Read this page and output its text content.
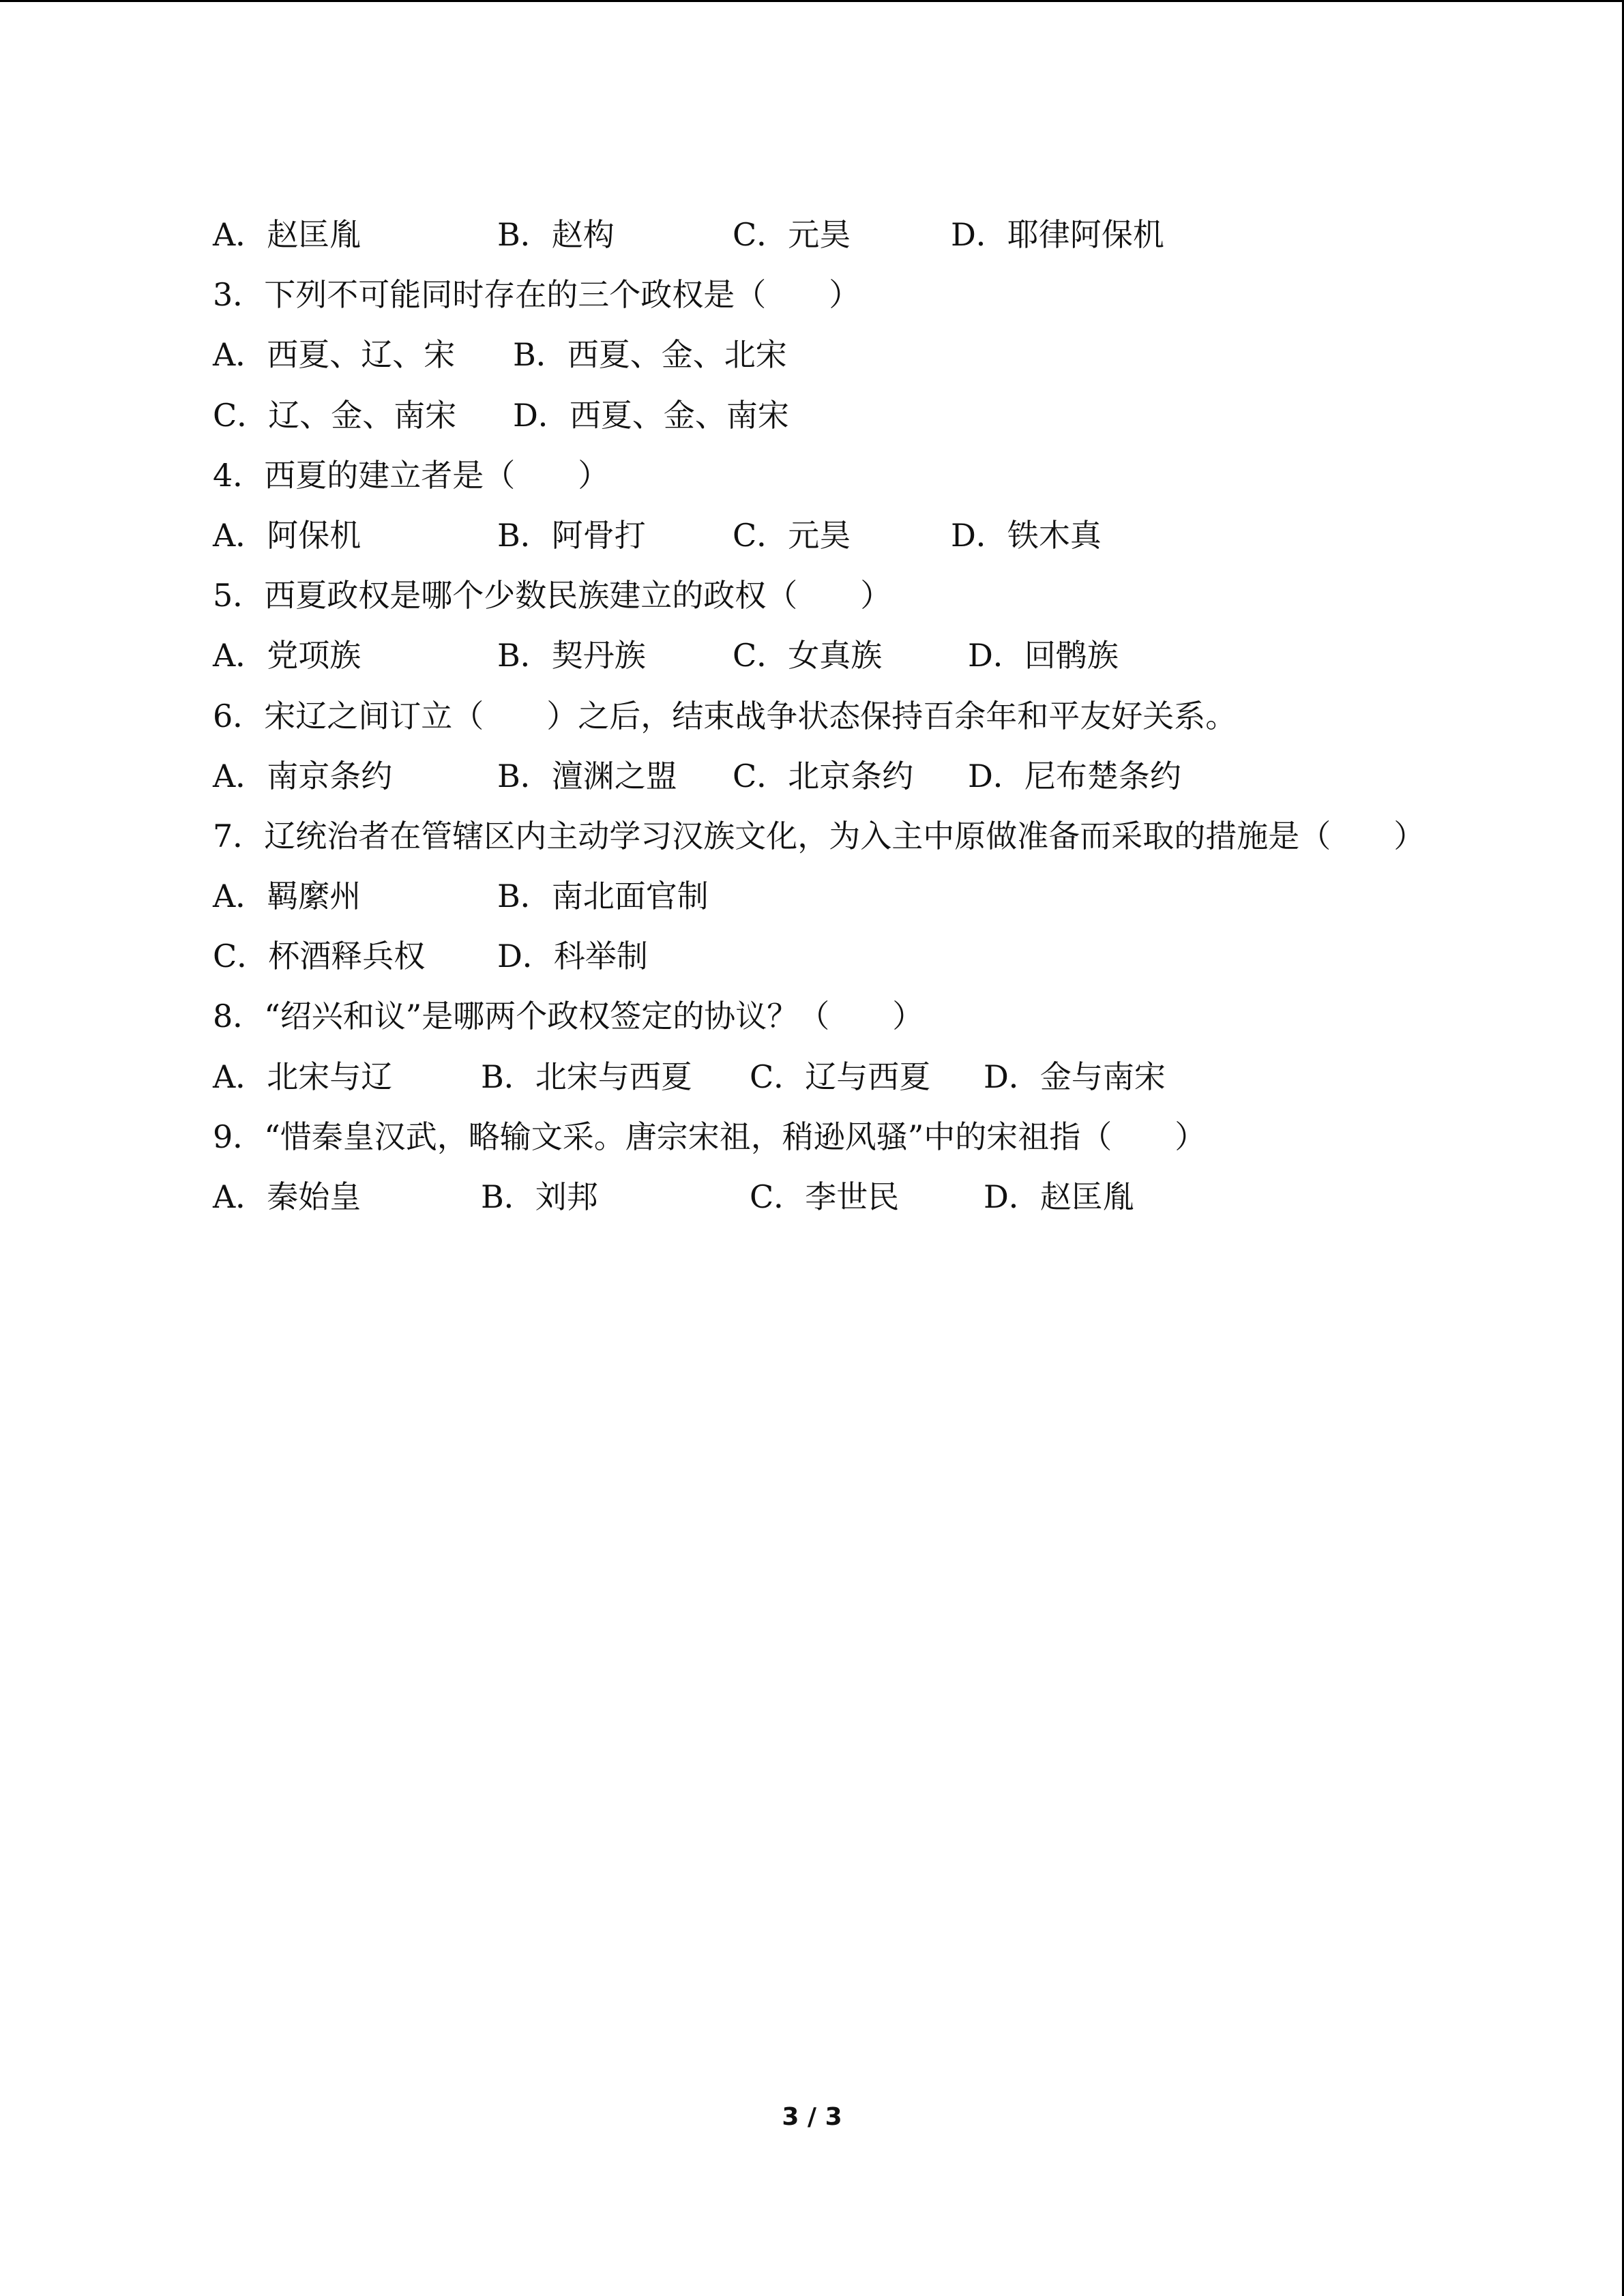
A．赵匡胤	B．赵构	C．元昊	D．耶律阿保机
3．下列不可能同时存在的三个政权是（　　）
A．西夏、辽、宋 B．西夏、金、北宋
C．辽、金、南宋 D．西夏、金、南宋
4．西夏的建立者是（　　）
A．阿保机	B．阿骨打	C．元昊	D．铁木真
5．西夏政权是哪个少数民族建立的政权（　　）
A．党项族	B．契丹族	C．女真族	D．回鹘族
6．宋辽之间订立（　　）之后，结束战争状态保持百余年和平友好关系。
A．南京条约	B．澶渊之盟 C．北京条约 D．尼布楚条约
7．辽统治者在管辖区内主动学习汉族文化，为入主中原做准备而采取的措施是（　　）
A．羁縻州	B．南北面官制
C．杯酒释兵权 D．科举制
8．“绍兴和议”是哪两个政权签定的协议？（　　）
A．北宋与辽	B．北宋与西夏 C．辽与西夏 D．金与南宋
9．“惜秦皇汉武，略输文采。唐宗宋祖，稍逊风骚”中的宋祖指（　　）
A．秦始皇	B．刘邦	C．李世民	D．赵匡胤
3 / 3
